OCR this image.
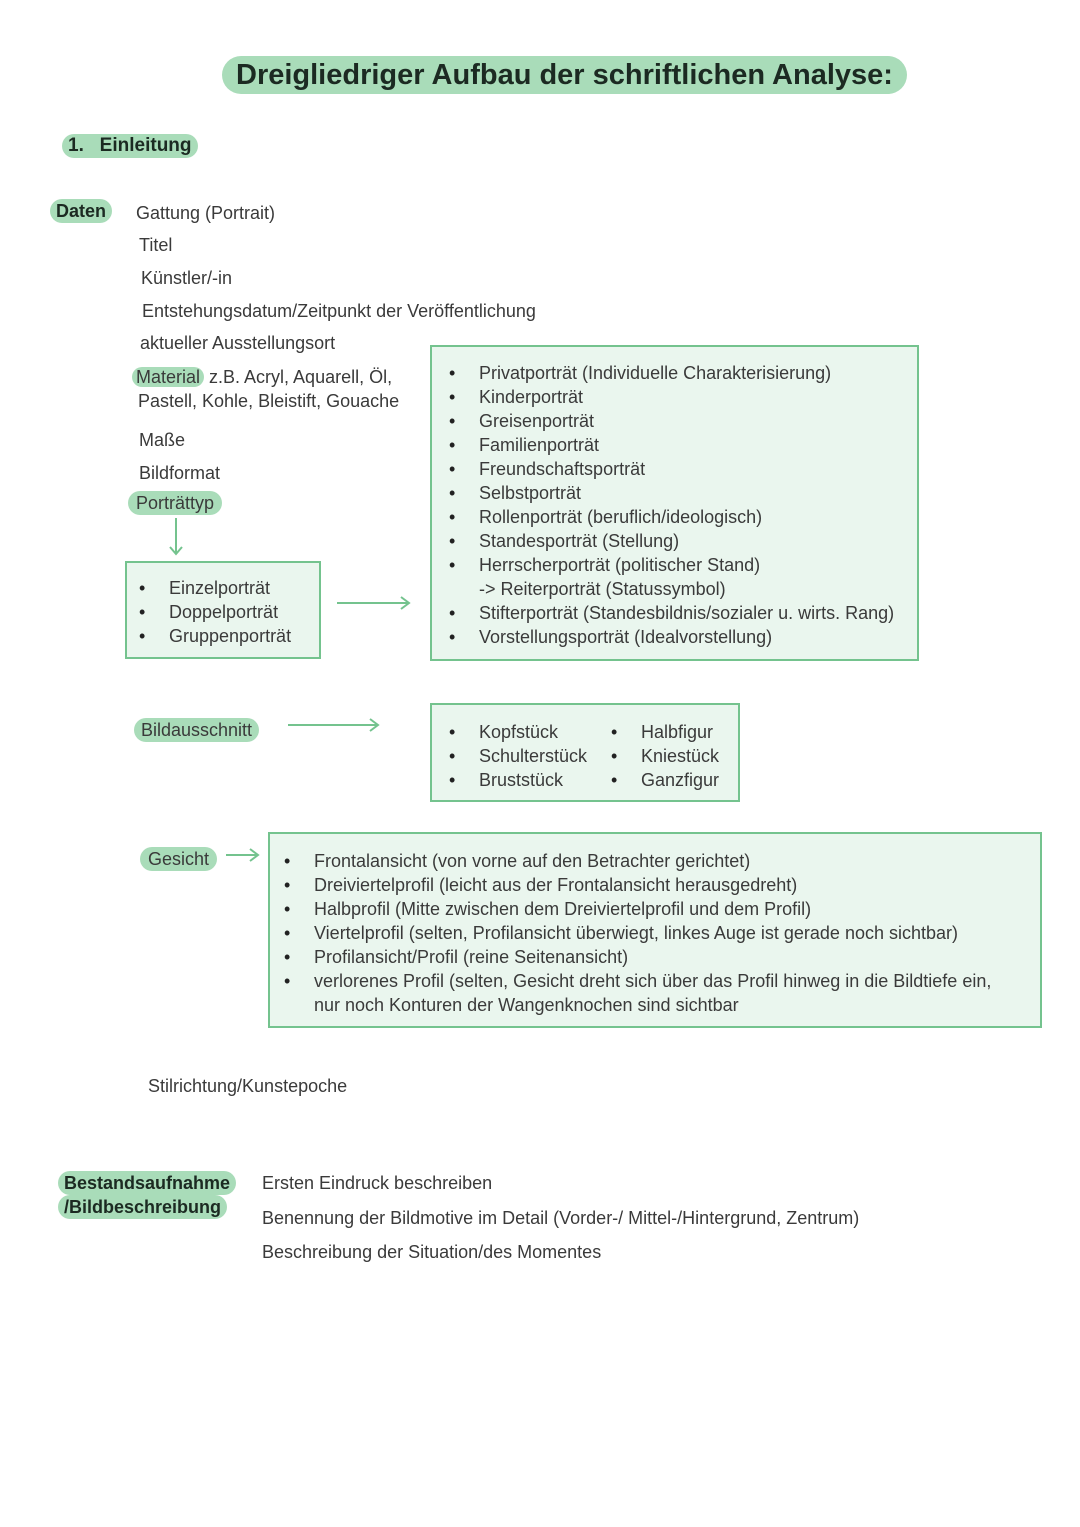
Dreigliedriger Aufbau der schriftlichen Analyse:
1.   Einleitung
Daten	Gattung (Portrait)
Titel
Künstler/-in
Entstehungsdatum/Zeitpunkt der Veröffentlichung
aktueller Ausstellungsort
Material z.B. Acryl, Aquarell, Öl,
Pastell, Kohle, Bleistift, Gouache
Maße
Bildformat
Porträttyp
• Einzelporträt
• Doppelporträt
• Gruppenporträt
• Privatporträt (Individuelle Charakterisierung)
• Kinderporträt
• Greisenporträt
• Familienporträt
• Freundschaftsporträt
• Selbstporträt
• Rollenporträt (beruflich/ideologisch)
• Standesporträt (Stellung)
• Herrscherporträt (politischer Stand)
-> Reiterporträt (Statussymbol)
• Stifterporträt (Standesbildnis/sozialer u. wirts. Rang)
• Vorstellungsporträt (Idealvorstellung)
Bildausschnitt	• Kopfstück
• Schulterstück
• Bruststück
• Halbfigur
• Kniestück
• Ganzfigur
Gesicht	• Frontalansicht (von vorne auf den Betrachter gerichtet)
• Dreiviertelprofil (leicht aus der Frontalansicht herausgedreht)
• Halbprofil (Mitte zwischen dem Dreiviertelprofil und dem Profil)
• Viertelprofil (selten, Profilansicht überwiegt, linkes Auge ist gerade noch sichtbar)
• Profilansicht/Profil (reine Seitenansicht)
• verlorenes Profil (selten, Gesicht dreht sich über das Profil hinweg in die Bildtiefe ein,
nur noch Konturen der Wangenknochen sind sichtbar
Stilrichtung/Kunstepoche
Bestandsaufnahme
/Bildbeschreibung
Ersten Eindruck beschreiben
Benennung der Bildmotive im Detail (Vorder-/ Mittel-/Hintergrund, Zentrum)
Beschreibung der Situation/des Momentes
